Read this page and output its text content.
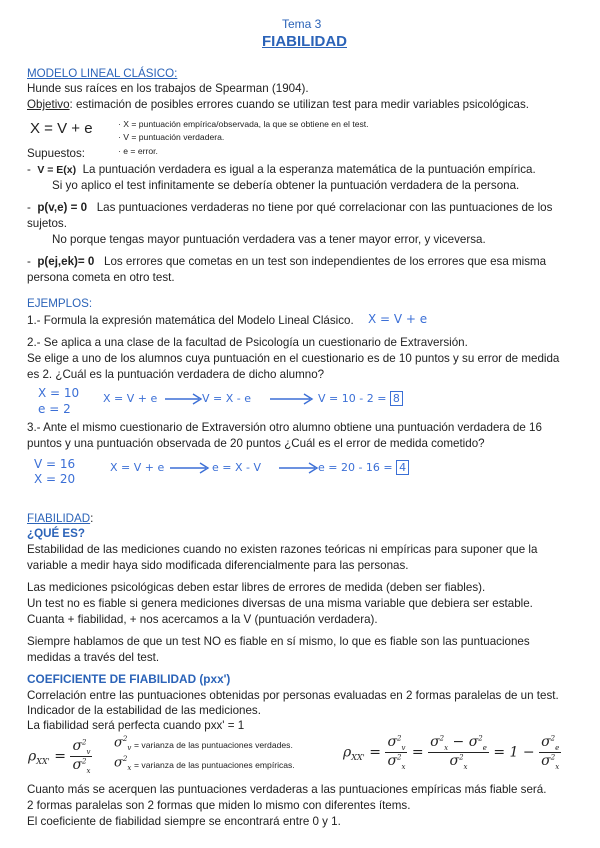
Tema 3
FIABILIDAD
MODELO LINEAL CLÁSICO:
Hunde sus raíces en los trabajos de Spearman (1904).
Objetivo: estimación de posibles errores cuando se utilizan test para medir variables psicológicas.
X = V + e	· X = puntuación empírica/observada, la que se obtiene en el test.
· V = puntuación verdadera.
· e = error.
Supuestos:
-  V = E(x) La puntuación verdadera es igual a la esperanza matemática de la puntuación empírica.
Si yo aplico el test infinitamente se debería obtener la puntuación verdadera de la persona.
-  p(v,e) = 0 Las puntuaciones verdaderas no tiene por qué correlacionar con las puntuaciones de los
sujetos.
No porque tengas mayor puntuación verdadera vas a tener mayor error, y viceversa.
-  p(ej,ek)= 0 Los errores que cometas en un test son independientes de los errores que esa misma
persona cometa en otro test.
EJEMPLOS:
1.- Formula la expresión matemática del Modelo Lineal Clásico. X = V + e
2.- Se aplica a una clase de la facultad de Psicología un cuestionario de Extraversión.
Se elige a uno de los alumnos cuya puntuación en el cuestionario es de 10 puntos y su error de medida
es 2. ¿Cuál es la puntuación verdadera de dicho alumno?
X = 10
e = 2
X = V + e	V = X - e	V = 10 - 2 = 8
3.- Ante el mismo cuestionario de Extraversión otro alumno obtiene una puntuación verdadera de 16
puntos y una puntuación observada de 20 puntos ¿Cuál es el error de medida cometido?
V = 16
X = 20
X = V + e	e = X - V	e = 20 - 16 = 4
FIABILIDAD:
¿QUÉ ES?
Estabilidad de las mediciones cuando no existen razones teóricas ni empíricas para suponer que la
variable a medir haya sido modificada diferencialmente para las personas.
Las mediciones psicológicas deben estar libres de errores de medida (deben ser fiables).
Un test no es fiable si genera mediciones diversas de una misma variable que debiera ser estable.
Cuanta + fiabilidad, + nos acercamos a la V (puntuación verdadera).
Siempre hablamos de que un test NO es fiable en sí mismo, lo que es fiable son las puntuaciones
medidas a través del test.
COEFICIENTE DE FIABILIDAD (pxx')
Correlación entre las puntuaciones obtenidas por personas evaluadas en 2 formas paralelas de un test.
Indicador de la estabilidad de las mediciones.
La fiabilidad será perfecta cuando pxx' = 1
$\rho_{XX'} = \frac{\sigma^2_v}{\sigma^2_x} \sigma^2_v$ = varianza de las puntuaciones verdades.
$\sigma^2_x$ = varianza de las puntuaciones empíricas.
$\rho_{XX'} = \frac{\sigma^2_v}{\sigma^2_x} = \frac{\sigma^2_x - \sigma^2_e}{\sigma^2_x} = 1 - \frac{\sigma^2_e}{\sigma^2_x}$
Cuanto más se acerquen las puntuaciones verdaderas a las puntuaciones empíricas más fiable será.
2 formas paralelas son 2 formas que miden lo mismo con diferentes ítems.
El coeficiente de fiabilidad siempre se encontrará entre 0 y 1.
